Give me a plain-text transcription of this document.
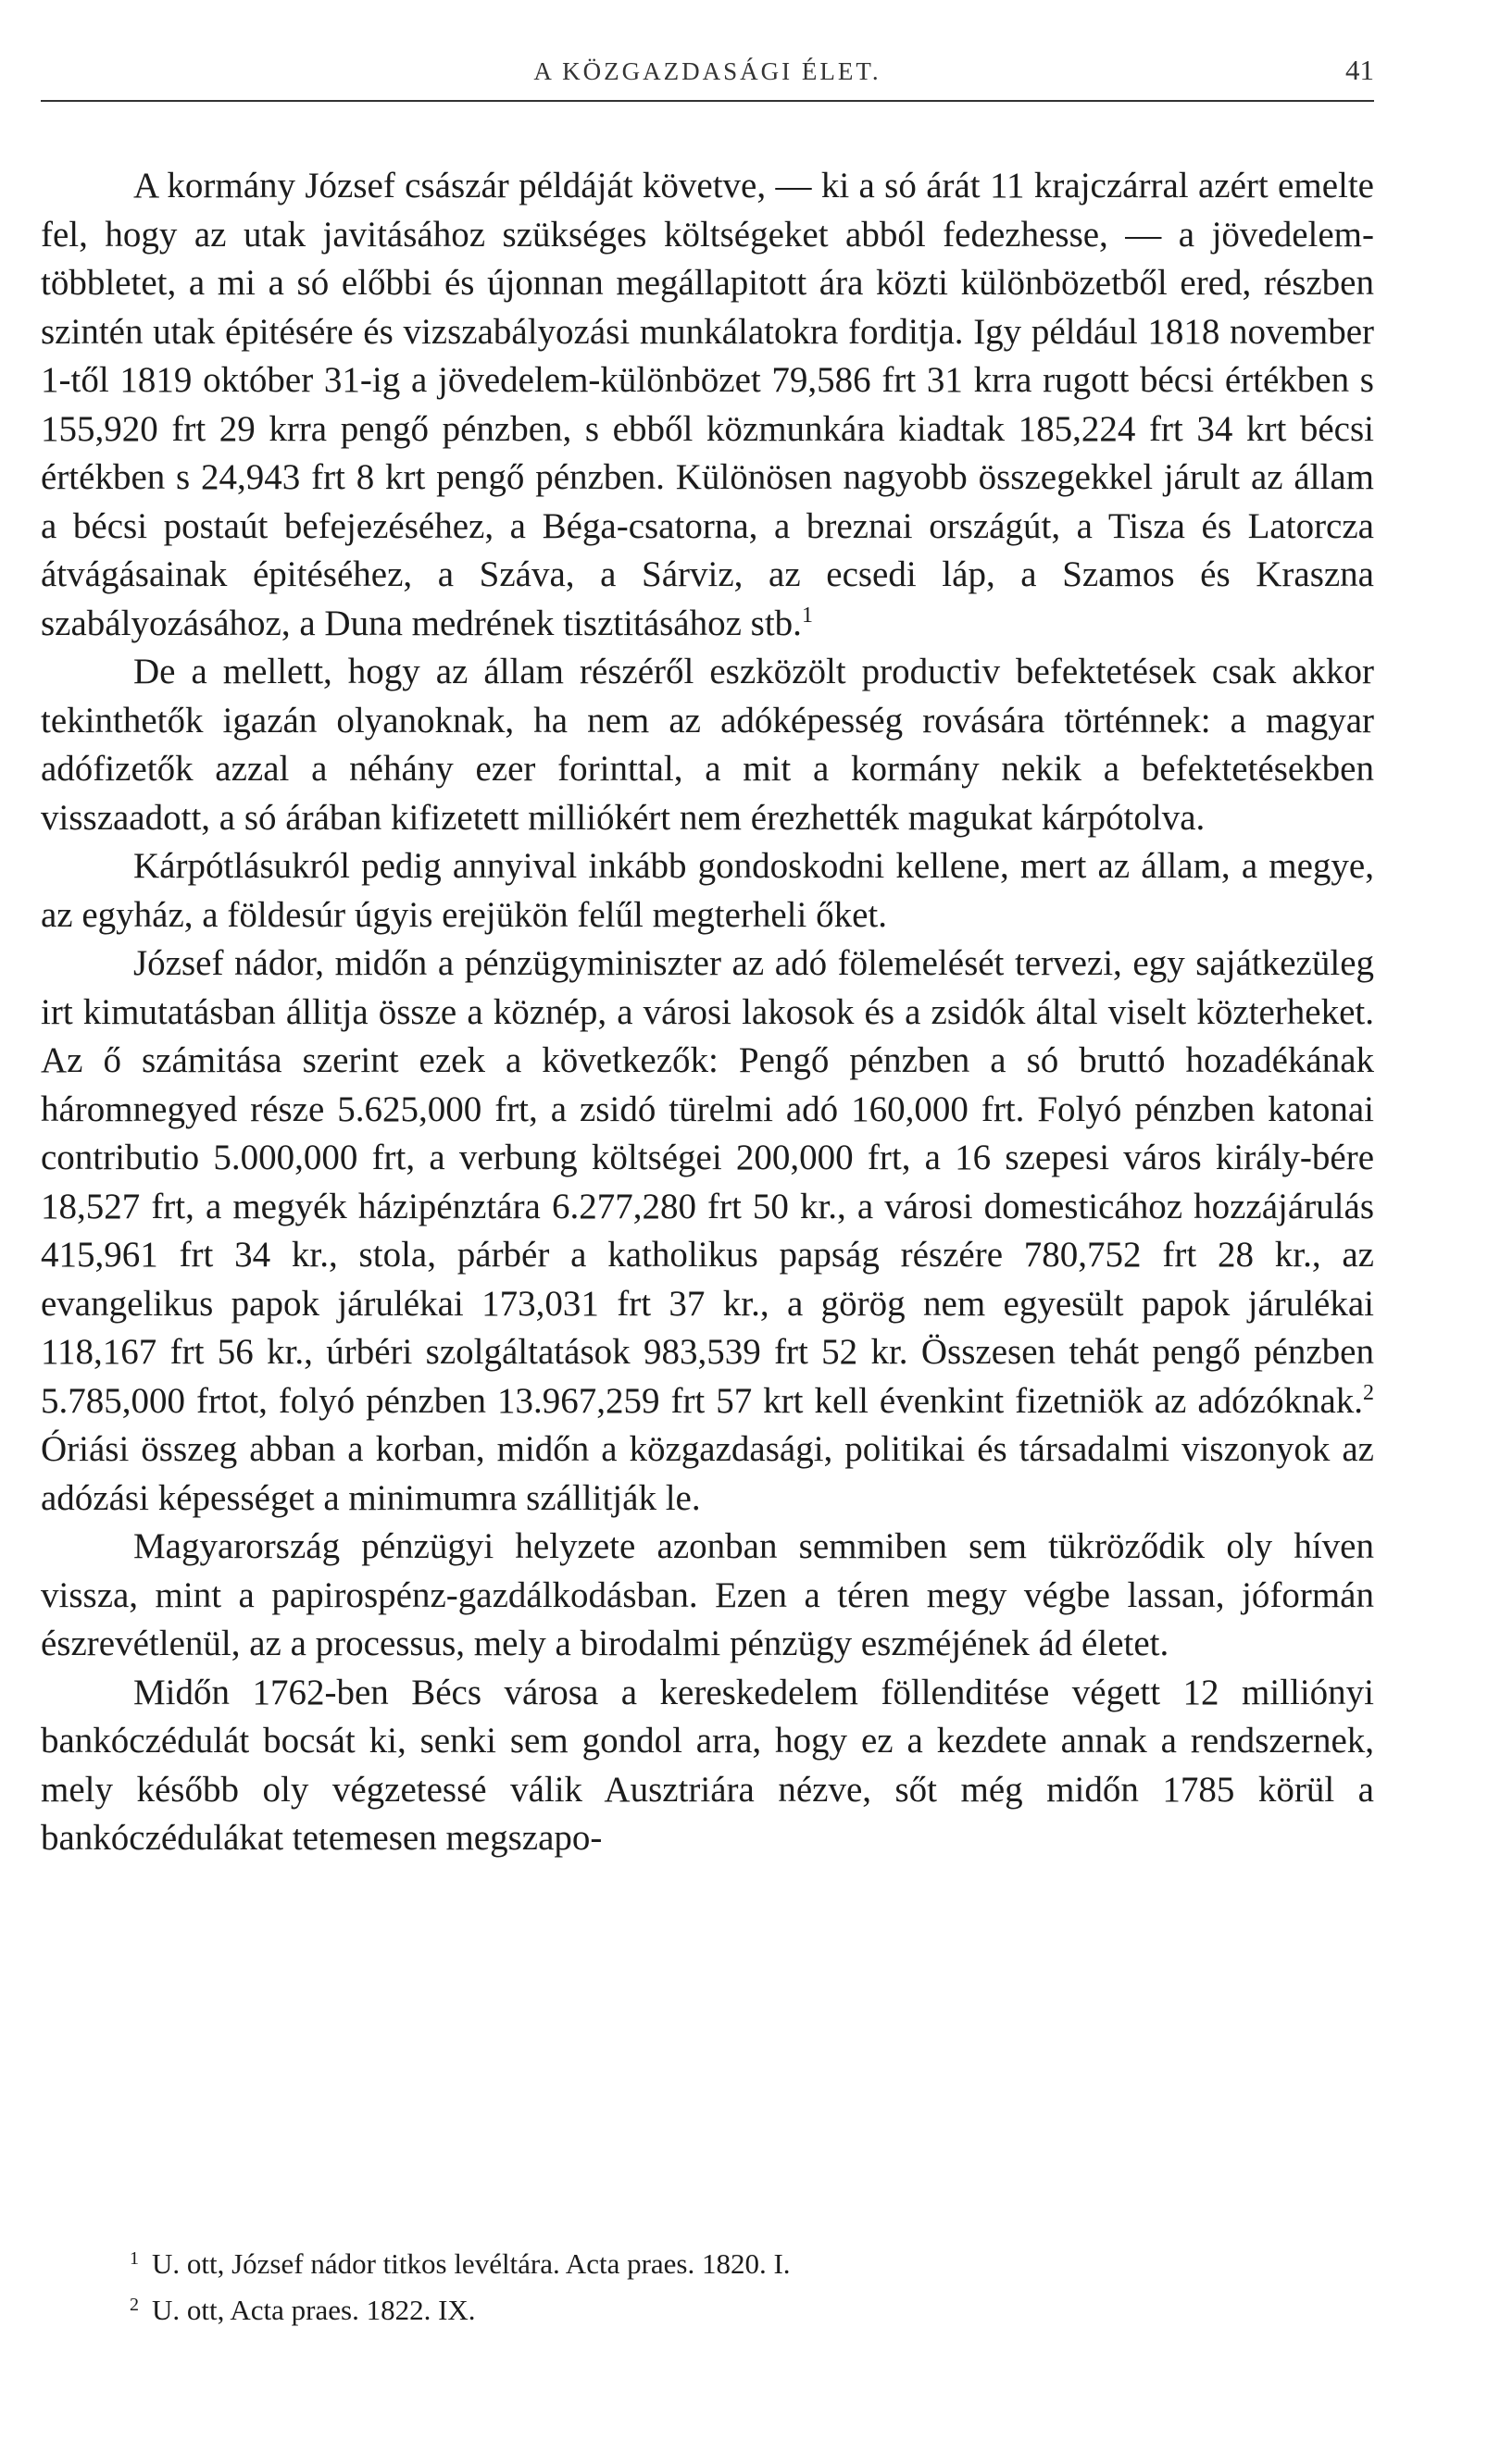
A KÖZGAZDASÁGI ÉLET.	41

A kormány József császár példáját követve, — ki a só árát 11 krajczárral azért emelte fel, hogy az utak javitásához szükséges költségeket abból fedezhesse, — a jövedelem-többletet, a mi a só előbbi és újonnan megállapitott ára közti különbözetből ered, részben szintén utak épitésére és vizszabályozási munkálatokra forditja. Igy például 1818 november 1-től 1819 október 31-ig a jövedelem-különbözet 79,586 frt 31 krra rugott bécsi értékben s 155,920 frt 29 krra pengő pénzben, s ebből közmunkára kiadtak 185,224 frt 34 krt bécsi értékben s 24,943 frt 8 krt pengő pénzben. Különösen nagyobb összegekkel járult az állam a bécsi postaút befejezéséhez, a Béga-csatorna, a breznai országút, a Tisza és Latorcza átvágásainak épitéséhez, a Száva, a Sárviz, az ecsedi láp, a Szamos és Kraszna szabályozásához, a Duna medrének tisztitásához stb.$^1$

De a mellett, hogy az állam részéről eszközölt productiv befektetések csak akkor tekinthetők igazán olyanoknak, ha nem az adóképesség rovására történnek: a magyar adófizetők azzal a néhány ezer forinttal, a mit a kormány nekik a befektetésekben visszaadott, a só árában kifizetett milliókért nem érezhették magukat kárpótolva.

Kárpótlásukról pedig annyival inkább gondoskodni kellene, mert az állam, a megye, az egyház, a földesúr úgyis erejükön felűl megterheli őket.

József nádor, midőn a pénzügyminiszter az adó fölemelését tervezi, egy sajátkezüleg irt kimutatásban állitja össze a köznép, a városi lakosok és a zsidók által viselt közterheket. Az ő számitása szerint ezek a következők: Pengő pénzben a só bruttó hozadékának háromnegyed része 5.625,000 frt, a zsidó türelmi adó 160,000 frt. Folyó pénzben katonai contributio 5.000,000 frt, a verbung költségei 200,000 frt, a 16 szepesi város király-bére 18,527 frt, a megyék házipénztára 6.277,280 frt 50 kr., a városi domesticához hozzájárulás 415,961 frt 34 kr., stola, párbér a katholikus papság részére 780,752 frt 28 kr., az evangelikus papok járulékai 173,031 frt 37 kr., a görög nem egyesült papok járulékai 118,167 frt 56 kr., úrbéri szolgáltatások 983,539 frt 52 kr. Összesen tehát pengő pénzben 5.785,000 frtot, folyó pénzben 13.967,259 frt 57 krt kell évenkint fizetniök az adózóknak.$^2$ Óriási összeg abban a korban, midőn a közgazdasági, politikai és társadalmi viszonyok az adózási képességet a minimumra szállitják le.

Magyarország pénzügyi helyzete azonban semmiben sem tükröződik oly híven vissza, mint a papirospénz-gazdálkodásban. Ezen a téren megy végbe lassan, jóformán észrevétlenül, az a processus, mely a birodalmi pénzügy eszméjének ád életet.

Midőn 1762-ben Bécs városa a kereskedelem föllenditése végett 12 milliónyi bankóczédulát bocsát ki, senki sem gondol arra, hogy ez a kezdete annak a rendszernek, mely később oly végzetessé válik Ausztriára nézve, sőt még midőn 1785 körül a bankóczédulákat tetemesen megszapo-

$^1$ U. ott, József nádor titkos levéltára. Acta praes. 1820. I.
$^2$ U. ott, Acta praes. 1822. IX.
